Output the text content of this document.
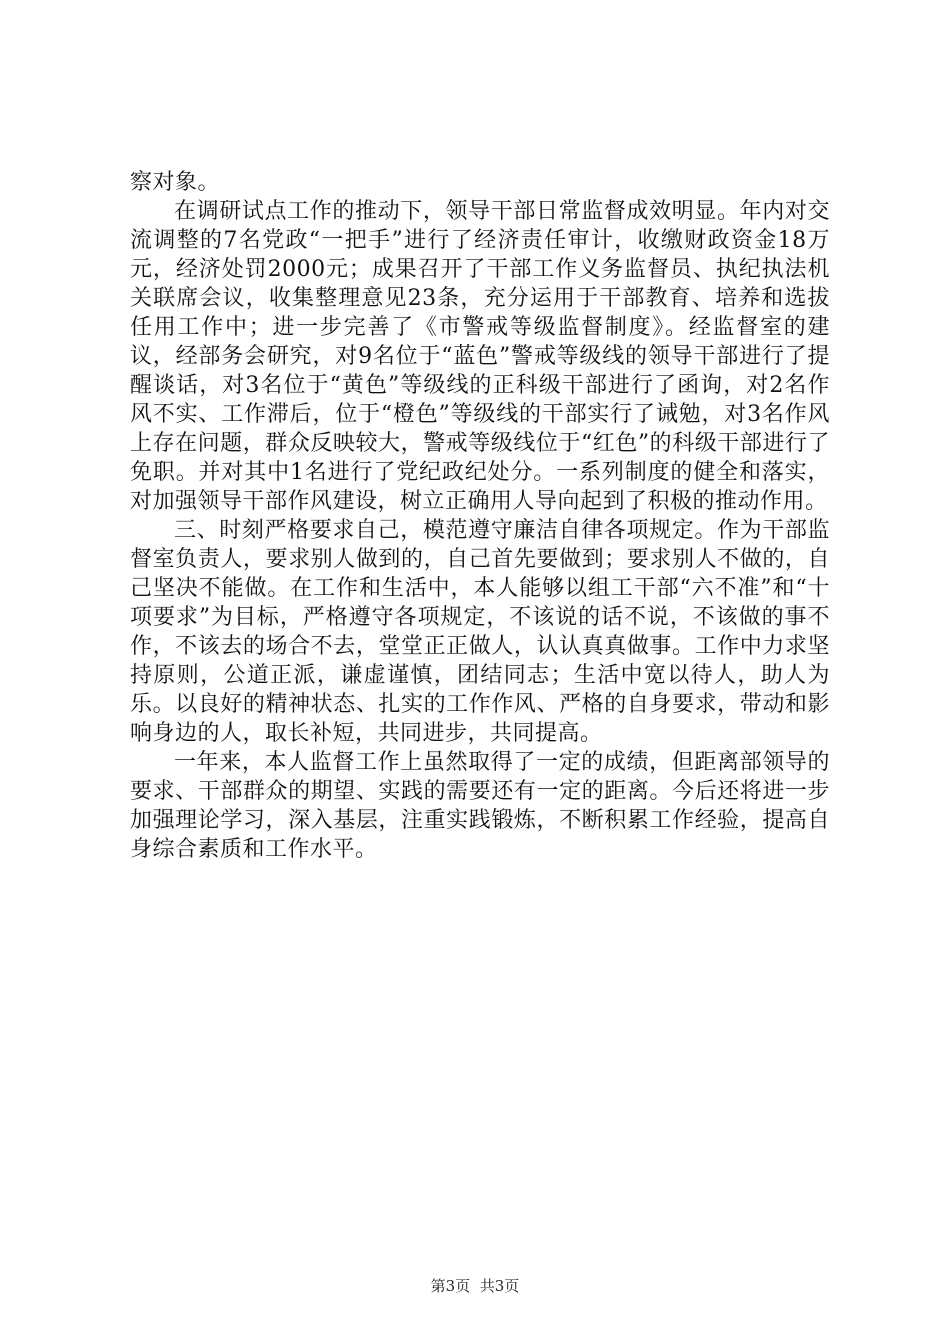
察对象。

在调研试点工作的推动下，领导干部日常监督成效明显。年内对交流调整的7名党政“一把手”进行了经济责任审计，收缴财政资金18万元，经济处罚2000元；成果召开了干部工作义务监督员、执纪执法机关联席会议，收集整理意见23条，充分运用于干部教育、培养和选拔任用工作中；进一步完善了《市警戒等级监督制度》。经监督室的建议，经部务会研究，对9名位于“蓝色”警戒等级线的领导干部进行了提醒谈话，对3名位于“黄色”等级线的正科级干部进行了函询，对2名作风不实、工作滞后，位于“橙色”等级线的干部实行了诫勉，对3名作风上存在问题，群众反映较大，警戒等级线位于“红色”的科级干部进行了免职。并对其中1名进行了党纪政纪处分。一系列制度的健全和落实，对加强领导干部作风建设，树立正确用人导向起到了积极的推动作用。

三、时刻严格要求自己，模范遵守廉洁自律各项规定。作为干部监督室负责人，要求别人做到的，自己首先要做到；要求别人不做的，自己坚决不能做。在工作和生活中，本人能够以组工干部“六不准”和“十项要求”为目标，严格遵守各项规定，不该说的话不说，不该做的事不作，不该去的场合不去，堂堂正正做人，认认真真做事。工作中力求坚持原则，公道正派，谦虚谨慎，团结同志；生活中宽以待人，助人为乐。以良好的精神状态、扎实的工作作风、严格的自身要求，带动和影响身边的人，取长补短，共同进步，共同提高。

一年来，本人监督工作上虽然取得了一定的成绩，但距离部领导的要求、干部群众的期望、实践的需要还有一定的距离。今后还将进一步加强理论学习，深入基层，注重实践锻炼，不断积累工作经验，提高自身综合素质和工作水平。

第3页 共3页
